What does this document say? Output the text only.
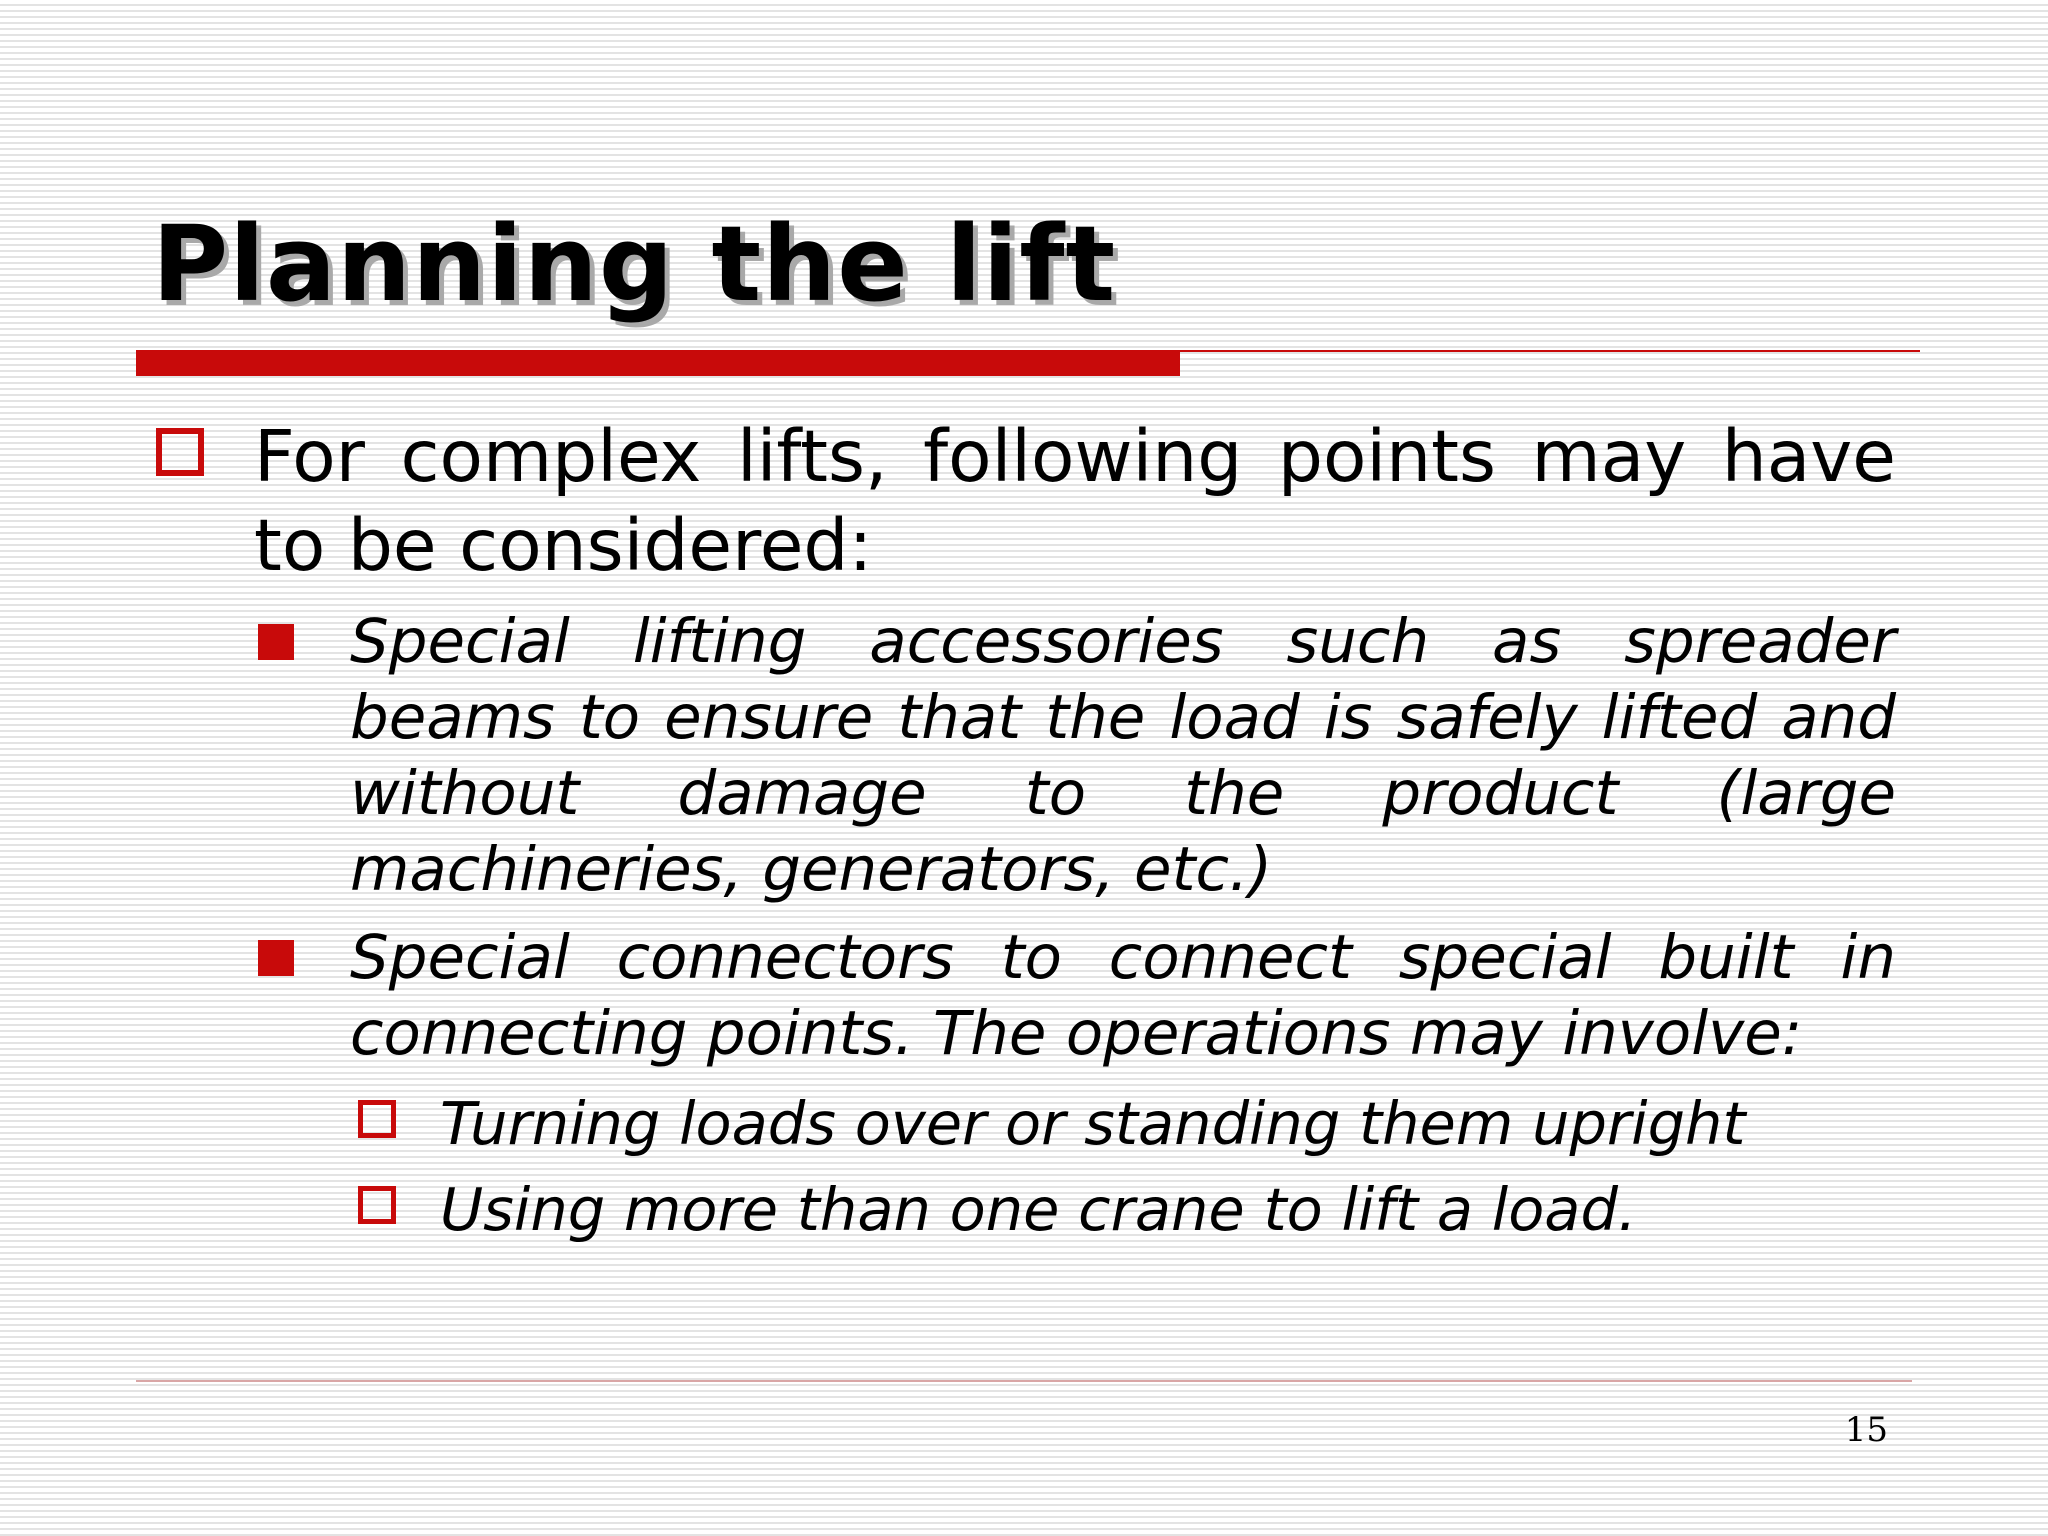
Planning the lift
For complex lifts, following points may have to be considered:
Special lifting accessories such as spreader beams to ensure that the load is safely lifted and without damage to the product (large machineries, generators, etc.)
Special connectors to connect special built in connecting points. The operations may involve:
Turning loads over or standing them upright
Using more than one crane to lift a load.
15
